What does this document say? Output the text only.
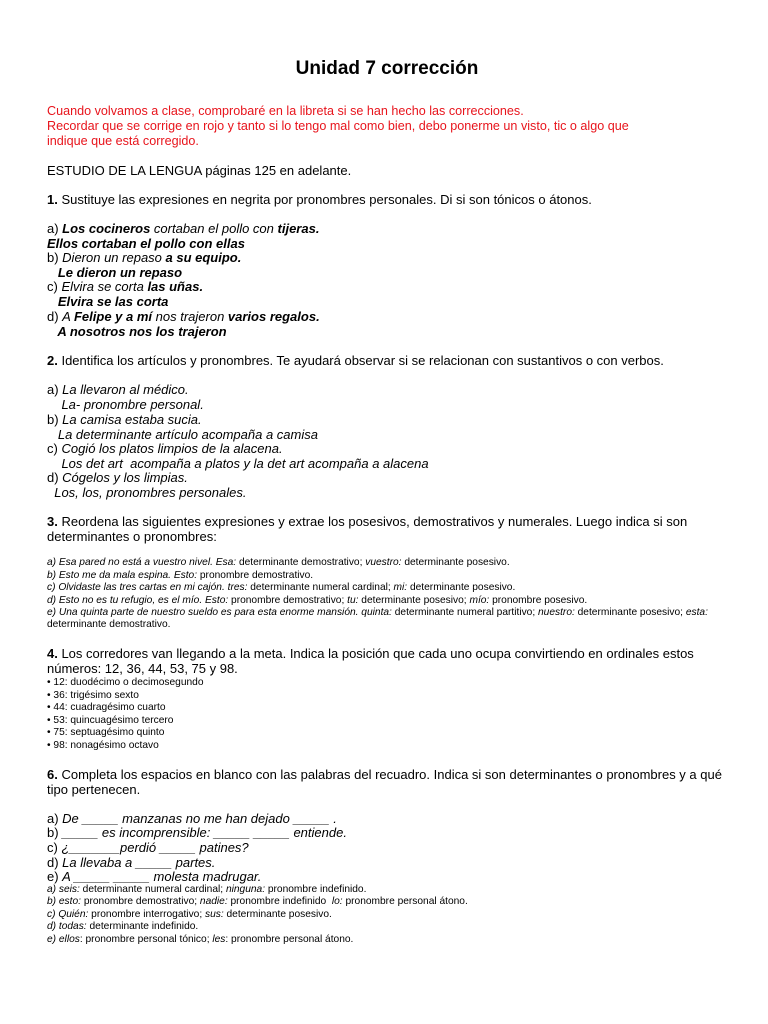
Unidad 7 corrección
Cuando volvamos a clase, comprobaré en la libreta si se han hecho las correcciones.
Recordar que se corrige en rojo y tanto si lo tengo mal como bien, debo ponerme un visto, tic o algo que
indique que está corregido.
ESTUDIO DE LA LENGUA páginas 125 en adelante.
1. Sustituye las expresiones en negrita por pronombres personales. Di si son tónicos o átonos.
a) Los cocineros cortaban el pollo con tijeras.
Ellos cortaban el pollo con ellas
b) Dieron un repaso a su equipo.
Le dieron un repaso
c) Elvira se corta las uñas.
Elvira se las corta
d) A Felipe y a mí nos trajeron varios regalos.
A nosotros nos los trajeron
2. Identifica los artículos y pronombres. Te ayudará observar si se relacionan con sustantivos o con verbos.
a) La llevaron al médico.
La- pronombre personal.
b) La camisa estaba sucia.
La determinante artículo acompaña a camisa
c) Cogió los platos limpios de la alacena.
Los det art  acompaña a platos y la det art acompaña a alacena
d) Cógelos y los limpias.
Los, los, pronombres personales.
3. Reordena las siguientes expresiones y extrae los posesivos, demostrativos y numerales. Luego indica si son determinantes o pronombres:
a) Esa pared no está a vuestro nivel. Esa: determinante demostrativo; vuestro: determinante posesivo.
b) Esto me da mala espina. Esto: pronombre demostrativo.
c) Olvidaste las tres cartas en mi cajón. tres: determinante numeral cardinal; mi: determinante posesivo.
d) Esto no es tu refugio, es el mío. Esto: pronombre demostrativo; tu: determinante posesivo; mío: pronombre posesivo.
e) Una quinta parte de nuestro sueldo es para esta enorme mansión. quinta: determinante numeral partitivo; nuestro: determinante posesivo; esta: determinante demostrativo.
4. Los corredores van llegando a la meta. Indica la posición que cada uno ocupa convirtiendo en ordinales estos números: 12, 36, 44, 53, 75 y 98.
• 12: duodécimo o decimosegundo
• 36: trigésimo sexto
• 44: cuadragésimo cuarto
• 53: quincuagésimo tercero
• 75: septuagésimo quinto
• 98: nonagésimo octavo
6. Completa los espacios en blanco con las palabras del recuadro. Indica si son determinantes o pronombres y a qué tipo pertenecen.
a) De _____ manzanas no me han dejado _____ .
b) _____ es incomprensible: _____ _____ entiende.
c) ¿_______perdió _____ patines?
d) La llevaba a _____ partes.
e) A _____ _____ molesta madrugar.
a) seis: determinante numeral cardinal; ninguna: pronombre indefinido.
b) esto: pronombre demostrativo; nadie: pronombre indefinido  lo: pronombre personal átono.
c) Quién: pronombre interrogativo; sus: determinante posesivo.
d) todas: determinante indefinido.
e) ellos: pronombre personal tónico; les: pronombre personal átono.
